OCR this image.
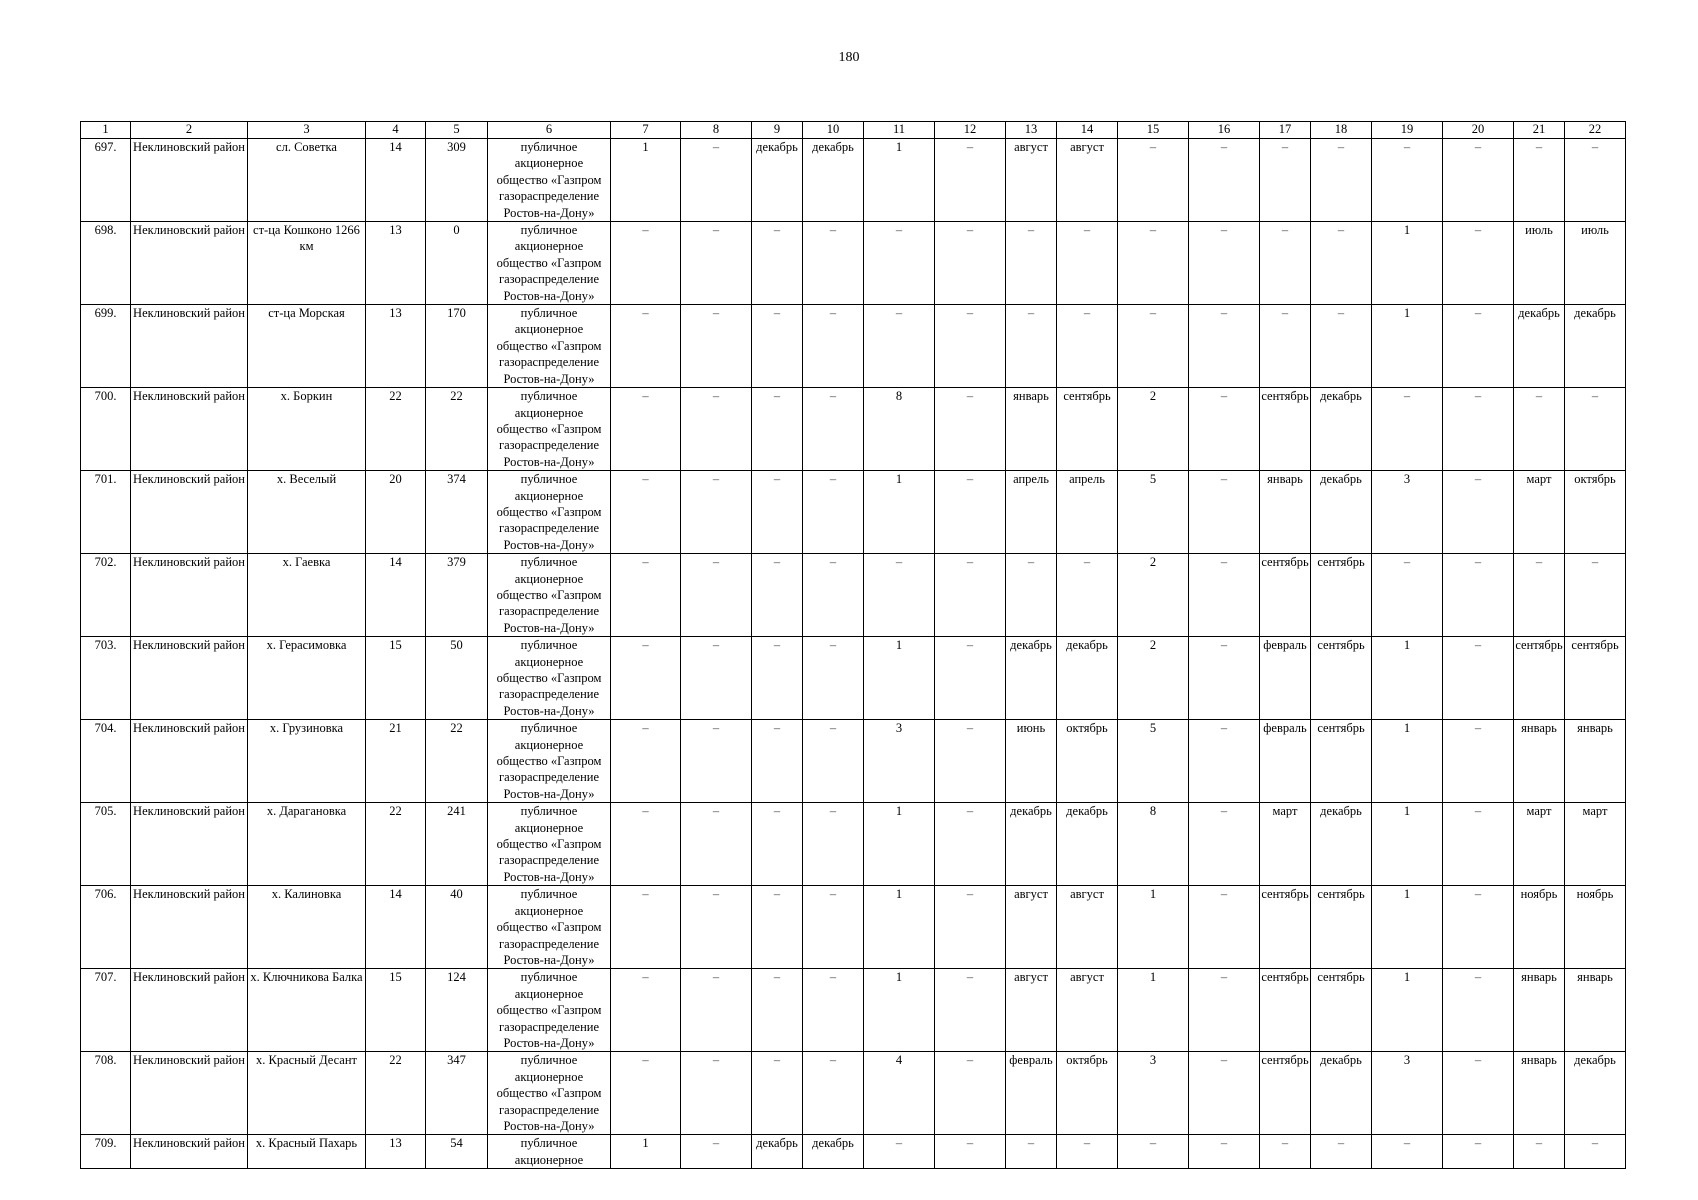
180
1	2	3	4	5	6	7	8	9	10	11	12	13	14	15	16	17	18	19	20	21	22
697.	Неклиновский район	сл. Советка	14	309	публичное акционерное общество «Газпром газораспределение Ростов-на-Дону»	1	–	декабрь	декабрь	1	–	август	август	–	–	–	–	–	–	–	–
698.	Неклиновский район	ст-ца Кошконо 1266 км	13	0	публичное акционерное общество «Газпром газораспределение Ростов-на-Дону»	–	–	–	–	–	–	–	–	–	–	–	–	1	–	июль	июль
699.	Неклиновский район	ст-ца Морская	13	170	публичное акционерное общество «Газпром газораспределение Ростов-на-Дону»	–	–	–	–	–	–	–	–	–	–	–	–	1	–	декабрь	декабрь
700.	Неклиновский район	х. Боркин	22	22	публичное акционерное общество «Газпром газораспределение Ростов-на-Дону»	–	–	–	–	8	–	январь	сентябрь	2	–	сентябрь	декабрь	–	–	–	–
701.	Неклиновский район	х. Веселый	20	374	публичное акционерное общество «Газпром газораспределение Ростов-на-Дону»	–	–	–	–	1	–	апрель	апрель	5	–	январь	декабрь	3	–	март	октябрь
702.	Неклиновский район	х. Гаевка	14	379	публичное акционерное общество «Газпром газораспределение Ростов-на-Дону»	–	–	–	–	–	–	–	–	2	–	сентябрь	сентябрь	–	–	–	–
703.	Неклиновский район	х. Герасимовка	15	50	публичное акционерное общество «Газпром газораспределение Ростов-на-Дону»	–	–	–	–	1	–	декабрь	декабрь	2	–	февраль	сентябрь	1	–	сентябрь	сентябрь
704.	Неклиновский район	х. Грузиновка	21	22	публичное акционерное общество «Газпром газораспределение Ростов-на-Дону»	–	–	–	–	3	–	июнь	октябрь	5	–	февраль	сентябрь	1	–	январь	январь
705.	Неклиновский район	х. Дарагановка	22	241	публичное акционерное общество «Газпром газораспределение Ростов-на-Дону»	–	–	–	–	1	–	декабрь	декабрь	8	–	март	декабрь	1	–	март	март
706.	Неклиновский район	х. Калиновка	14	40	публичное акционерное общество «Газпром газораспределение Ростов-на-Дону»	–	–	–	–	1	–	август	август	1	–	сентябрь	сентябрь	1	–	ноябрь	ноябрь
707.	Неклиновский район	х. Ключникова Балка	15	124	публичное акционерное общество «Газпром газораспределение Ростов-на-Дону»	–	–	–	–	1	–	август	август	1	–	сентябрь	сентябрь	1	–	январь	январь
708.	Неклиновский район	х. Красный Десант	22	347	публичное акционерное общество «Газпром газораспределение Ростов-на-Дону»	–	–	–	–	4	–	февраль	октябрь	3	–	сентябрь	декабрь	3	–	январь	декабрь
709.	Неклиновский район	х. Красный Пахарь	13	54	публичное акционерное	1	–	декабрь	декабрь	–	–	–	–	–	–	–	–	–	–	–	–
